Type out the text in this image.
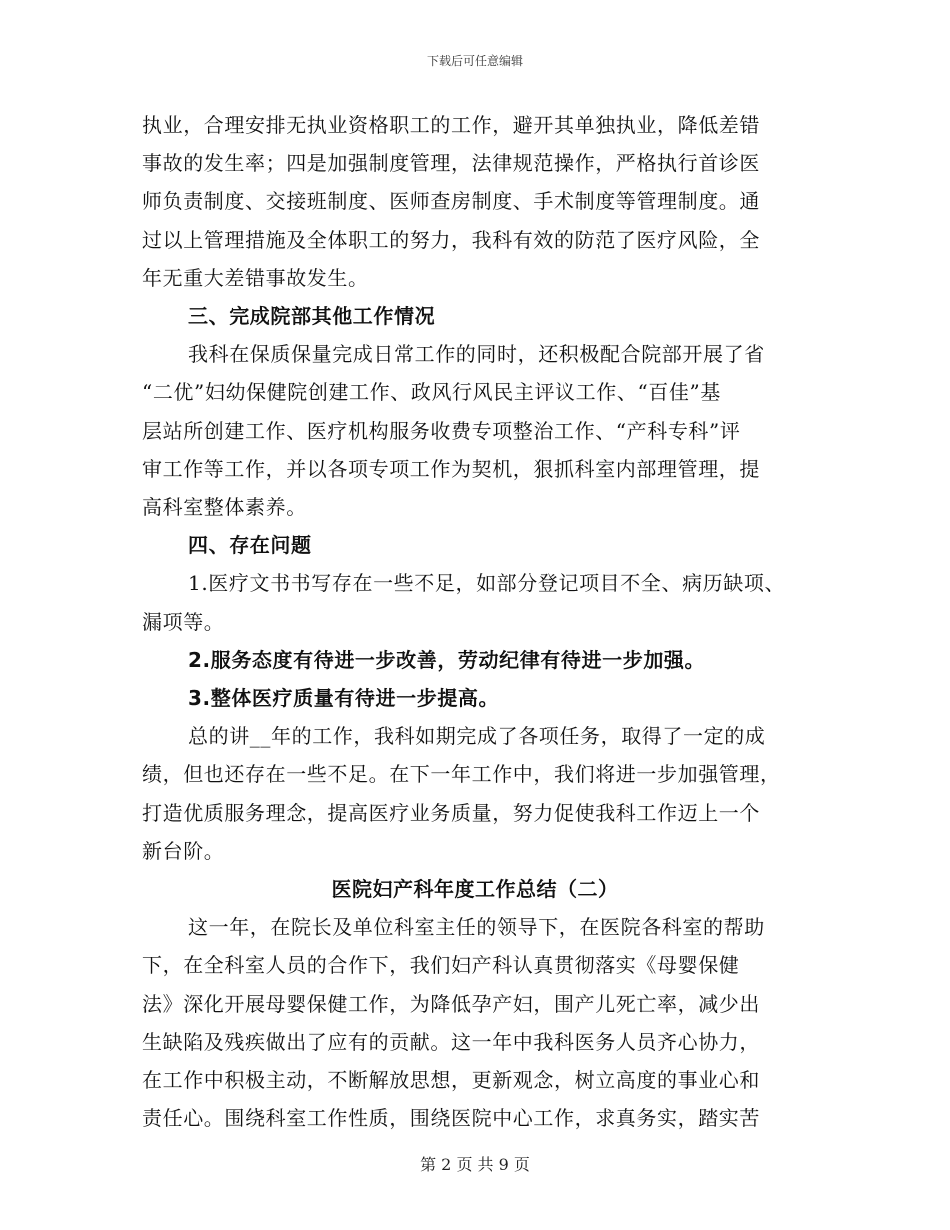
下载后可任意编辑

执业，合理安排无执业资格职工的工作，避开其单独执业，降低差错

事故的发生率；四是加强制度管理，法律规范操作，严格执行首诊医

师负责制度、交接班制度、医师查房制度、手术制度等管理制度。通

过以上管理措施及全体职工的努力，我科有效的防范了医疗风险，全

年无重大差错事故发生。

三、完成院部其他工作情况

我科在保质保量完成日常工作的同时，还积极配合院部开展了省

“二优”妇幼保健院创建工作、政风行风民主评议工作、“百佳”基

层站所创建工作、医疗机构服务收费专项整治工作、“产科专科”评

审工作等工作，并以各项专项工作为契机，狠抓科室内部理管理，提

高科室整体素养。

四、存在问题

1.医疗文书书写存在一些不足，如部分登记项目不全、病历缺项、

漏项等。

2.服务态度有待进一步改善，劳动纪律有待进一步加强。

3.整体医疗质量有待进一步提高。

总的讲__年的工作，我科如期完成了各项任务，取得了一定的成

绩，但也还存在一些不足。在下一年工作中，我们将进一步加强管理，

打造优质服务理念，提高医疗业务质量，努力促使我科工作迈上一个

新台阶。

医院妇产科年度工作总结（二）

这一年，在院长及单位科室主任的领导下，在医院各科室的帮助

下，在全科室人员的合作下，我们妇产科认真贯彻落实《母婴保健

法》深化开展母婴保健工作，为降低孕产妇，围产儿死亡率，减少出

生缺陷及残疾做出了应有的贡献。这一年中我科医务人员齐心协力，

在工作中积极主动，不断解放思想，更新观念，树立高度的事业心和

责任心。围绕科室工作性质，围绕医院中心工作，求真务实，踏实苦

第 2 页 共 9 页
